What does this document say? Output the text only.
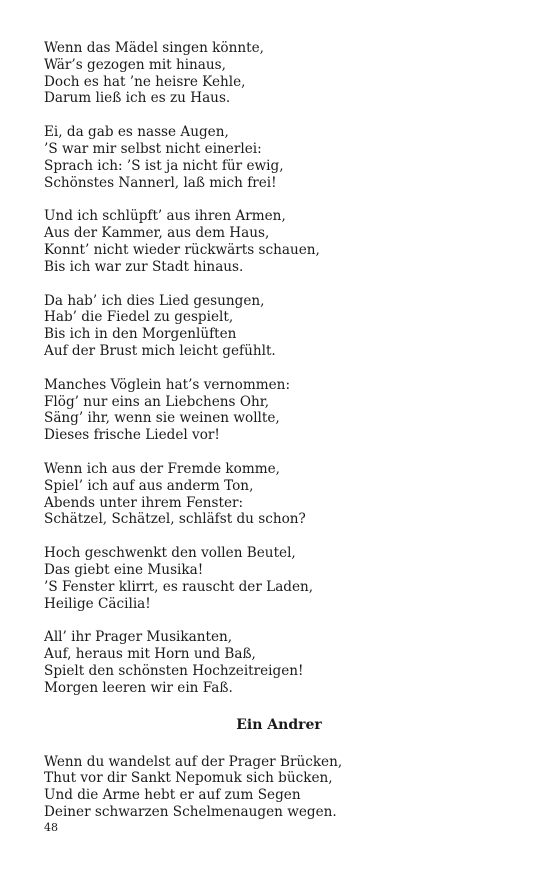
Wenn das Mädel singen könnte,
Wär’s gezogen mit hinaus,
Doch es hat ’ne heisre Kehle,
Darum ließ ich es zu Haus.
Ei, da gab es nasse Augen,
’S war mir selbst nicht einerlei:
Sprach ich: ’S ist ja nicht für ewig,
Schönstes Nannerl, laß mich frei!
Und ich schlüpft’ aus ihren Armen,
Aus der Kammer, aus dem Haus,
Konnt’ nicht wieder rückwärts schauen,
Bis ich war zur Stadt hinaus.
Da hab’ ich dies Lied gesungen,
Hab’ die Fiedel zu gespielt,
Bis ich in den Morgenlüften
Auf der Brust mich leicht gefühlt.
Manches Vöglein hat’s vernommen:
Flög’ nur eins an Liebchens Ohr,
Säng’ ihr, wenn sie weinen wollte,
Dieses frische Liedel vor!
Wenn ich aus der Fremde komme,
Spiel’ ich auf aus anderm Ton,
Abends unter ihrem Fenster:
Schätzel, Schätzel, schläfst du schon?
Hoch geschwenkt den vollen Beutel,
Das giebt eine Musika!
’S Fenster klirrt, es rauscht der Laden,
Heilige Cäcilia!
All’ ihr Prager Musikanten,
Auf, heraus mit Horn und Baß,
Spielt den schönsten Hochzeitreigen!
Morgen leeren wir ein Faß.
Ein Andrer
Wenn du wandelst auf der Prager Brücken,
Thut vor dir Sankt Nepomuk sich bücken,
Und die Arme hebt er auf zum Segen
Deiner schwarzen Schelmenaugen wegen.
48
